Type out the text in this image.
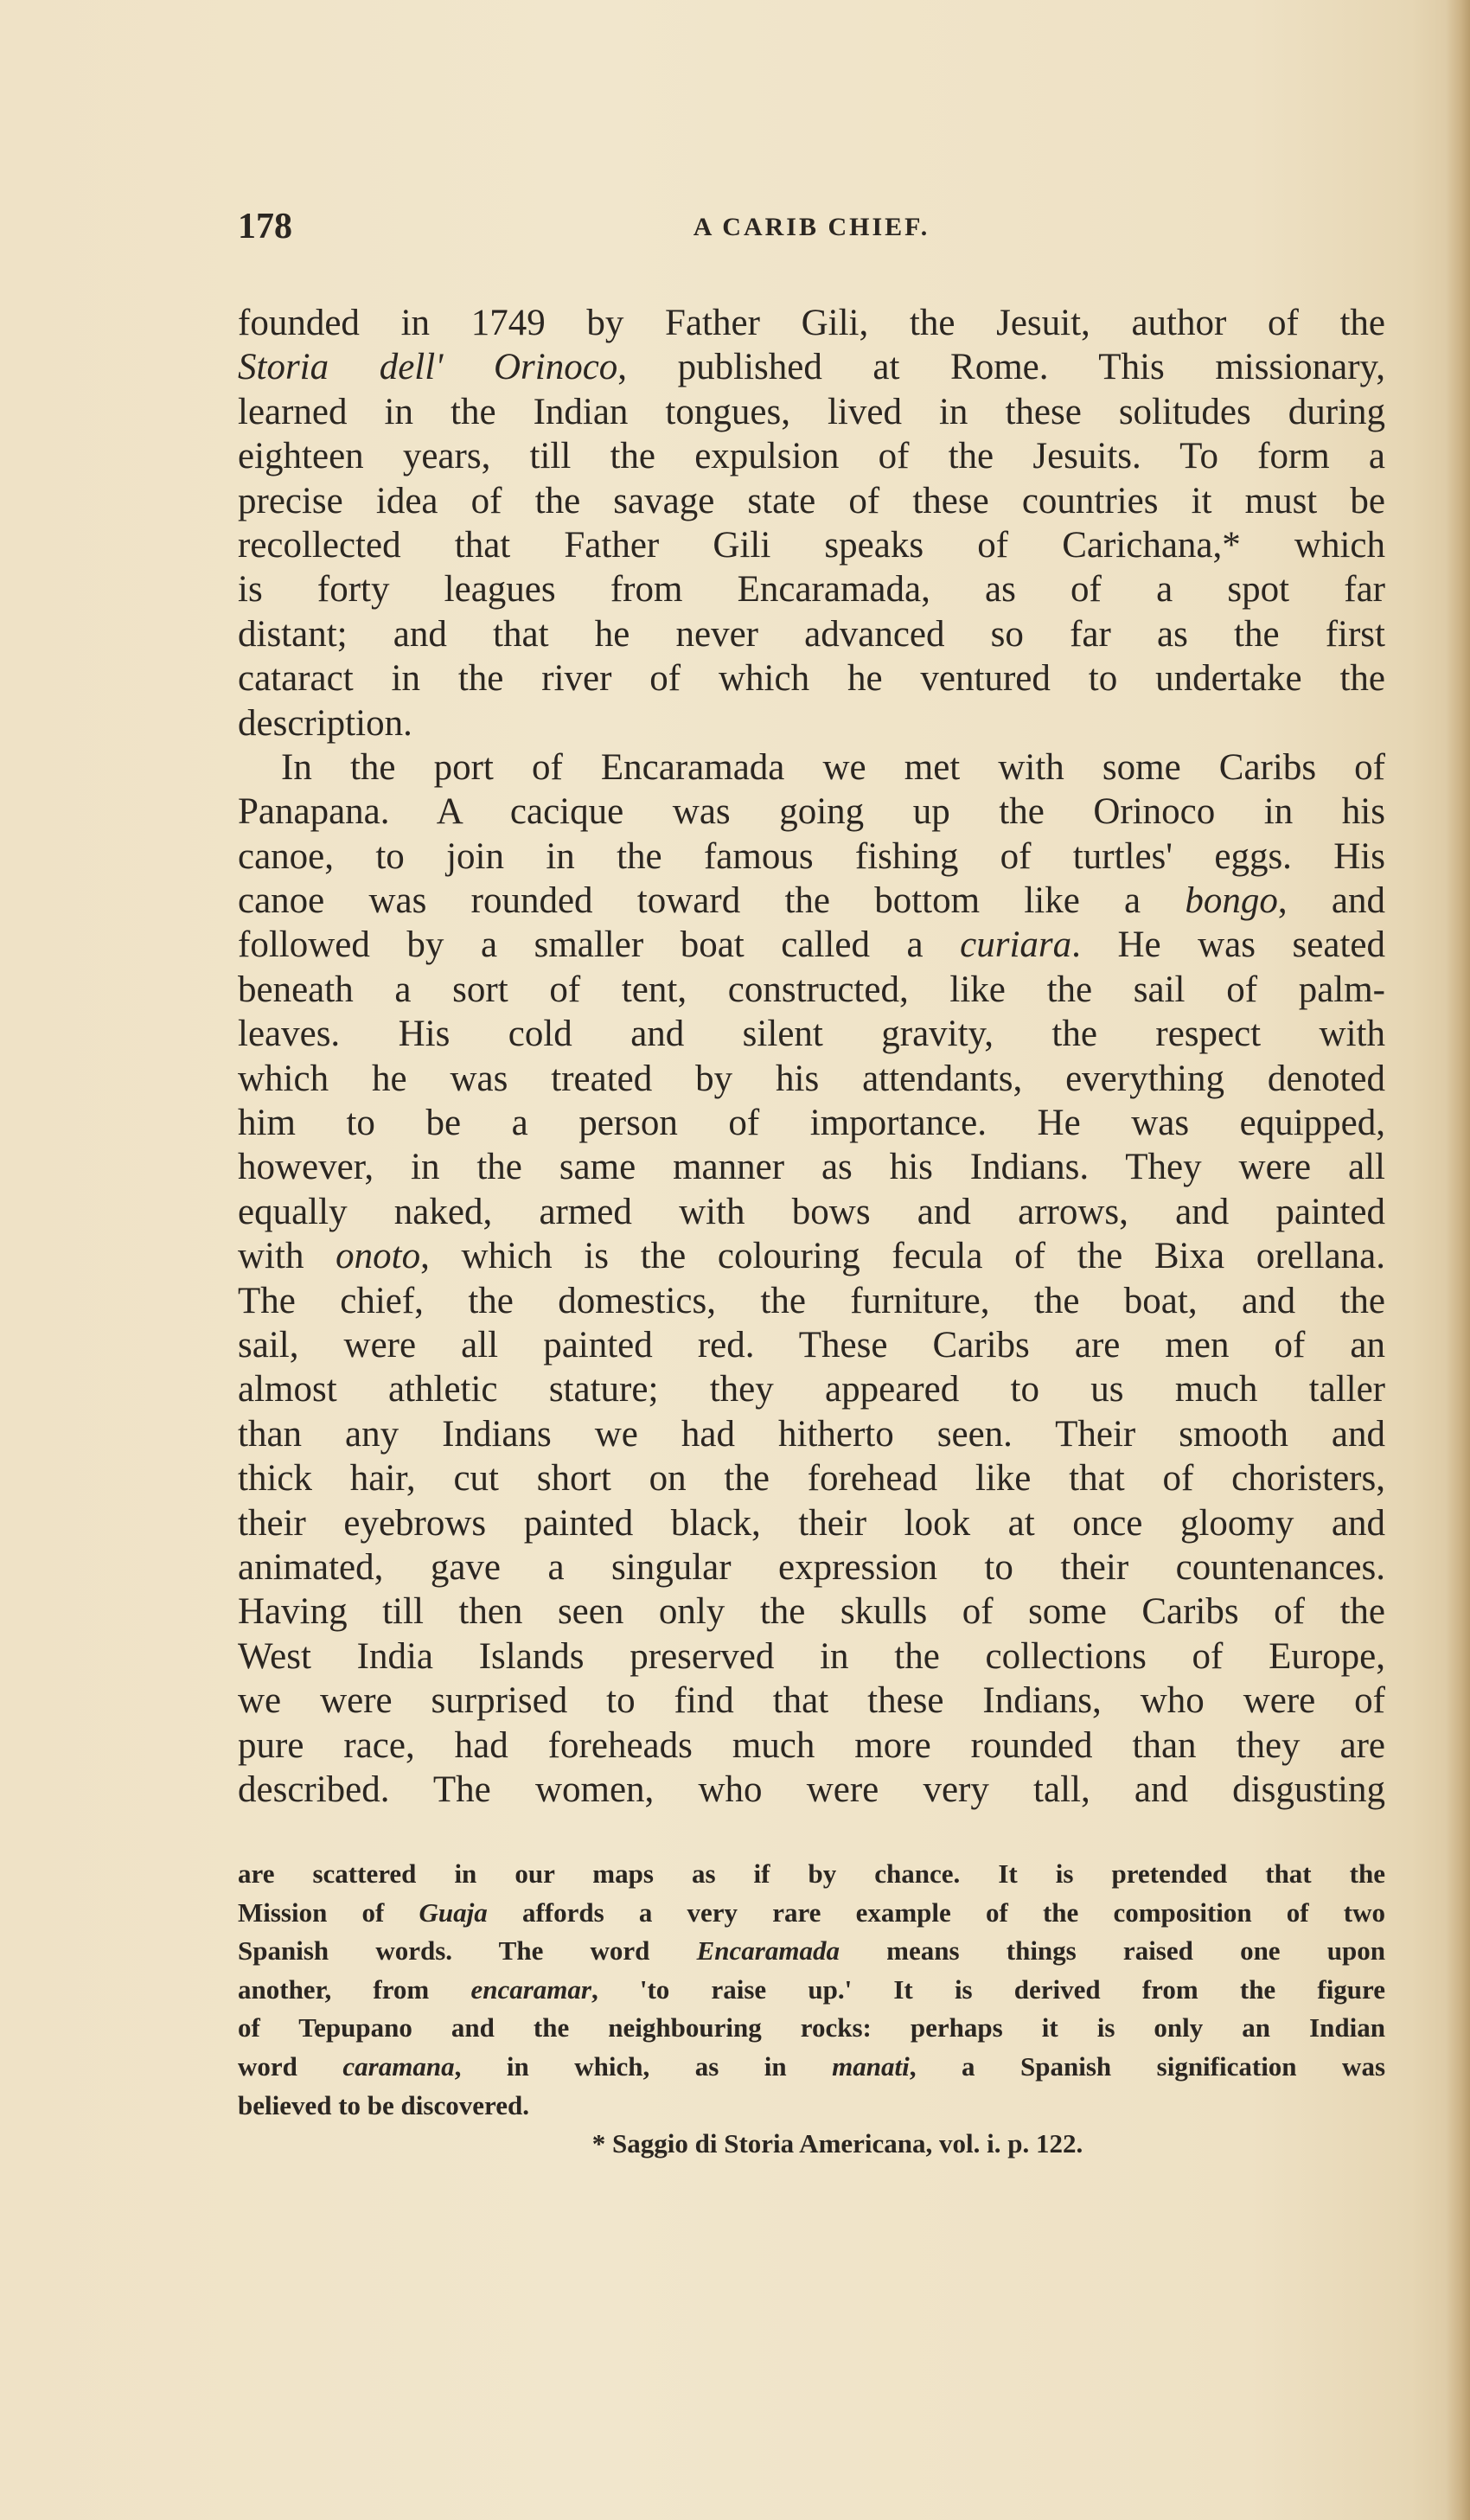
178	A CARIB CHIEF.
founded in 1749 by Father Gili, the Jesuit, author of the
Storia dell' Orinoco, published at Rome. This missionary,
learned in the Indian tongues, lived in these solitudes during
eighteen years, till the expulsion of the Jesuits. To form a
precise idea of the savage state of these countries it must be
recollected that Father Gili speaks of Carichana,* which
is forty leagues from Encaramada, as of a spot far
distant; and that he never advanced so far as the first
cataract in the river of which he ventured to undertake the
description.
In the port of Encaramada we met with some Caribs of
Panapana. A cacique was going up the Orinoco in his
canoe, to join in the famous fishing of turtles' eggs. His
canoe was rounded toward the bottom like a bongo, and
followed by a smaller boat called a curiara. He was seated
beneath a sort of tent, constructed, like the sail of palm-
leaves. His cold and silent gravity, the respect with
which he was treated by his attendants, everything denoted
him to be a person of importance. He was equipped,
however, in the same manner as his Indians. They were all
equally naked, armed with bows and arrows, and painted
with onoto, which is the colouring fecula of the Bixa orellana.
The chief, the domestics, the furniture, the boat, and the
sail, were all painted red. These Caribs are men of an
almost athletic stature; they appeared to us much taller
than any Indians we had hitherto seen. Their smooth and
thick hair, cut short on the forehead like that of choristers,
their eyebrows painted black, their look at once gloomy and
animated, gave a singular expression to their countenances.
Having till then seen only the skulls of some Caribs of the
West India Islands preserved in the collections of Europe,
we were surprised to find that these Indians, who were of
pure race, had foreheads much more rounded than they are
described. The women, who were very tall, and disgusting
are scattered in our maps as if by chance. It is pretended that the
Mission of Guaja affords a very rare example of the composition of two
Spanish words. The word Encaramada means things raised one upon
another, from encaramar, 'to raise up.' It is derived from the figure
of Tepupano and the neighbouring rocks: perhaps it is only an Indian
word caramana, in which, as in manati, a Spanish signification was
believed to be discovered.
* Saggio di Storia Americana, vol. i. p. 122.
